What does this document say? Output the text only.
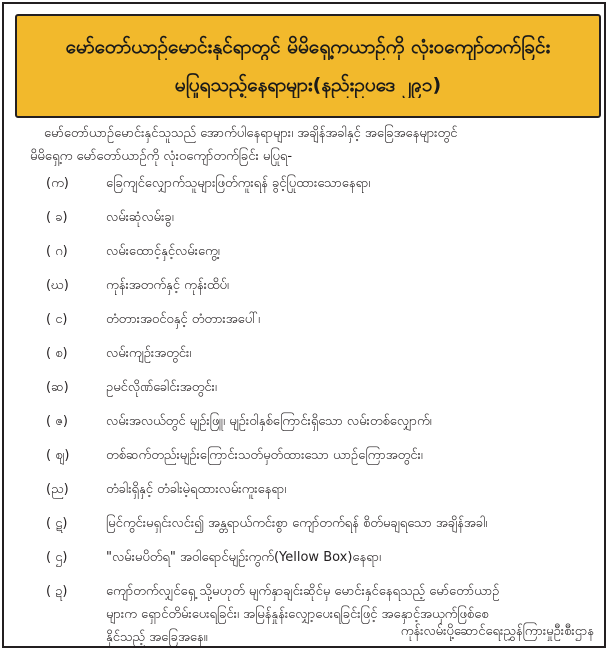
မော်တော်ယာဉ်မောင်းနှင်ရာတွင် မိမိရှေ့ကယာဉ်ကို လုံးဝကျော်တက်ခြင်း
မပြုရသည့်နေရာများ(နည်းဥပဒေ ၂၉၁)
မော်တော်ယာဉ်မောင်းနှင်သူသည် အောက်ပါနေရာများ၊ အချိန်အခါနှင့် အခြေအနေများတွင်
မိမိရှေ့က မော်တော်ယာဉ်ကို လုံးဝကျော်တက်ခြင်း မပြုရ-
(က)	ခြေကျင်လျှောက်သူများဖြတ်ကူးရန် ခွင့်ပြုထားသောနေရာ၊
( ခ)	လမ်းဆုံလမ်းခွ၊
( ဂ)	လမ်းထောင့်နှင့်လမ်းကွေ့၊
(ဃ)	ကုန်းအတက်နှင့် ကုန်းထိပ်၊
( င)	တံတားအဝင်ဝနှင့် တံတားအပေါ်၊
( စ)	လမ်းကျဉ်းအတွင်း၊
(ဆ)	ဥမင်လိုဏ်ခေါင်းအတွင်း၊
( ဇ)	လမ်းအလယ်တွင် မျဉ်းဖြူ၊ မျဉ်းဝါနှစ်ကြောင်းရှိသော လမ်းတစ်လျှောက်၊
( ဈ)	တစ်ဆက်တည်းမျဉ်းကြောင်းသတ်မှတ်ထားသော ယာဉ်ကြောအတွင်း၊
(ည)	တံခါးရှိနှင့် တံခါးမဲ့ရထားလမ်းကူးနေရာ၊
( ဋ)	မြင်ကွင်းမရှင်းလင်း၍ အန္တရာယ်ကင်းစွာ ကျော်တက်ရန် စိတ်မချရသော အချိန်အခါ၊
( ဌ)	"လမ်းမပိတ်ရ" အဝါရောင်မျဉ်းကွက်(Yellow Box)နေရာ၊
( ဍ)	ကျော်တက်လျှင်ရှေ့ သို့မဟုတ် မျက်နှာချင်းဆိုင်မှ မောင်းနှင်နေရသည့် မော်တော်ယာဉ်
များက ရှောင်တိမ်းပေးရခြင်း၊ အမြန်နှုန်းလျှော့ပေးရခြင်းဖြင့် အနှောင့်အယှက်ဖြစ်စေ
နိုင်သည့် အခြေအနေ။	ကုန်းလမ်းပို့ဆောင်ရေးညွှန်ကြားမှုဦးစီးဌာန
